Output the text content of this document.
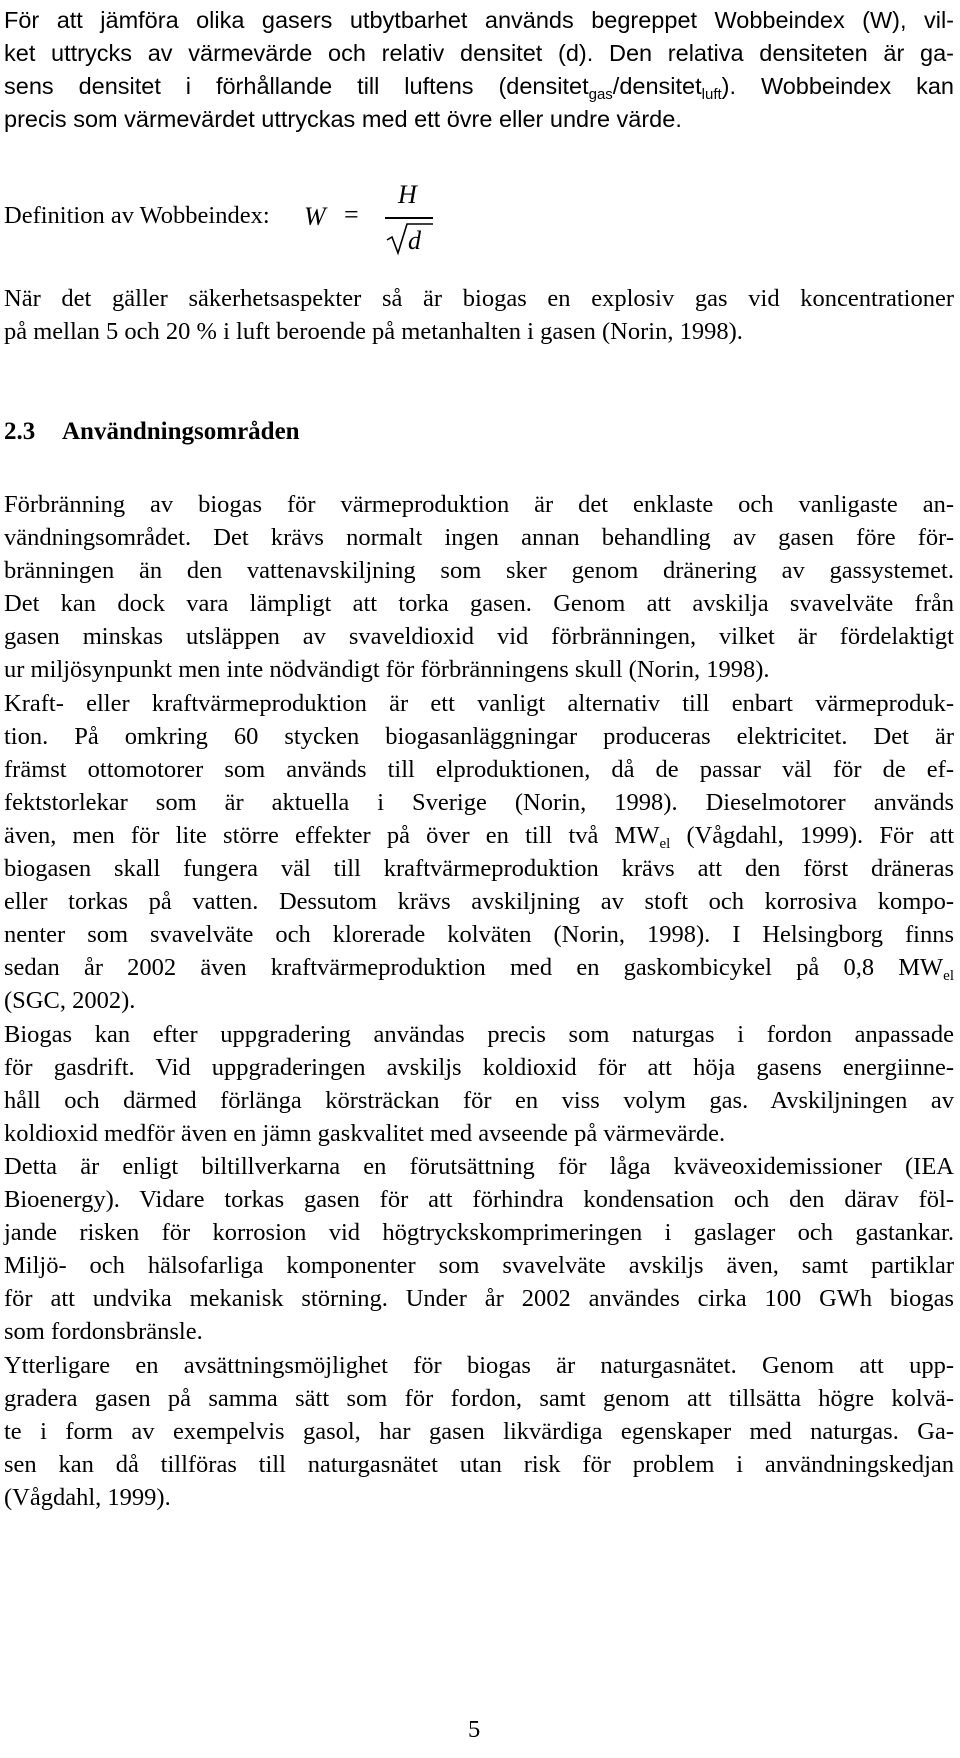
För att jämföra olika gasers utbytbarhet används begreppet Wobbeindex (W), vil-
ket uttrycks av värmevärde och relativ densitet (d). Den relativa densiteten är ga-
sens densitet i förhållande till luftens (densitet$_{gas}$/densitet$_{luft}$). Wobbeindex kan
precis som värmevärdet uttryckas med ett övre eller undre värde.
Definition av Wobbeindex: W =
H
d
När det gäller säkerhetsaspekter så är biogas en explosiv gas vid koncentrationer
på mellan 5 och 20 % i luft beroende på metanhalten i gasen (Norin, 1998).
2.3 Användningsområden
Förbränning av biogas för värmeproduktion är det enklaste och vanligaste an-
vändningsområdet. Det krävs normalt ingen annan behandling av gasen före för-
bränningen än den vattenavskiljning som sker genom dränering av gassystemet.
Det kan dock vara lämpligt att torka gasen. Genom att avskilja svavelväte från
gasen minskas utsläppen av svaveldioxid vid förbränningen, vilket är fördelaktigt
ur miljösynpunkt men inte nödvändigt för förbränningens skull (Norin, 1998).
Kraft- eller kraftvärmeproduktion är ett vanligt alternativ till enbart värmeproduk-
tion. På omkring 60 stycken biogasanläggningar produceras elektricitet. Det är
främst ottomotorer som används till elproduktionen, då de passar väl för de ef-
fektstorlekar som är aktuella i Sverige (Norin, 1998). Dieselmotorer används
även, men för lite större effekter på över en till två $MW_{el}$ (Vågdahl, 1999). För att
biogasen skall fungera väl till kraftvärmeproduktion krävs att den först dräneras
eller torkas på vatten. Dessutom krävs avskiljning av stoft och korrosiva kompo-
nenter som svavelväte och klorerade kolväten (Norin, 1998). I Helsingborg finns
sedan år 2002 även kraftvärmeproduktion med en gaskombicykel på 0,8 $MW_{el}$
(SGC, 2002).
Biogas kan efter uppgradering användas precis som naturgas i fordon anpassade
för gasdrift. Vid uppgraderingen avskiljs koldioxid för att höja gasens energiinne-
håll och därmed förlänga körsträckan för en viss volym gas. Avskiljningen av
koldioxid medför även en jämn gaskvalitet med avseende på värmevärde.
Detta är enligt biltillverkarna en förutsättning för låga kväveoxidemissioner (IEA
Bioenergy). Vidare torkas gasen för att förhindra kondensation och den därav föl-
jande risken för korrosion vid högtryckskomprimeringen i gaslager och gastankar.
Miljö- och hälsofarliga komponenter som svavelväte avskiljs även, samt partiklar
för att undvika mekanisk störning. Under år 2002 användes cirka 100 GWh biogas
som fordonsbränsle.
Ytterligare en avsättningsmöjlighet för biogas är naturgasnätet. Genom att upp-
gradera gasen på samma sätt som för fordon, samt genom att tillsätta högre kolvä-
te i form av exempelvis gasol, har gasen likvärdiga egenskaper med naturgas. Ga-
sen kan då tillföras till naturgasnätet utan risk för problem i användningskedjan
(Vågdahl, 1999).
5
